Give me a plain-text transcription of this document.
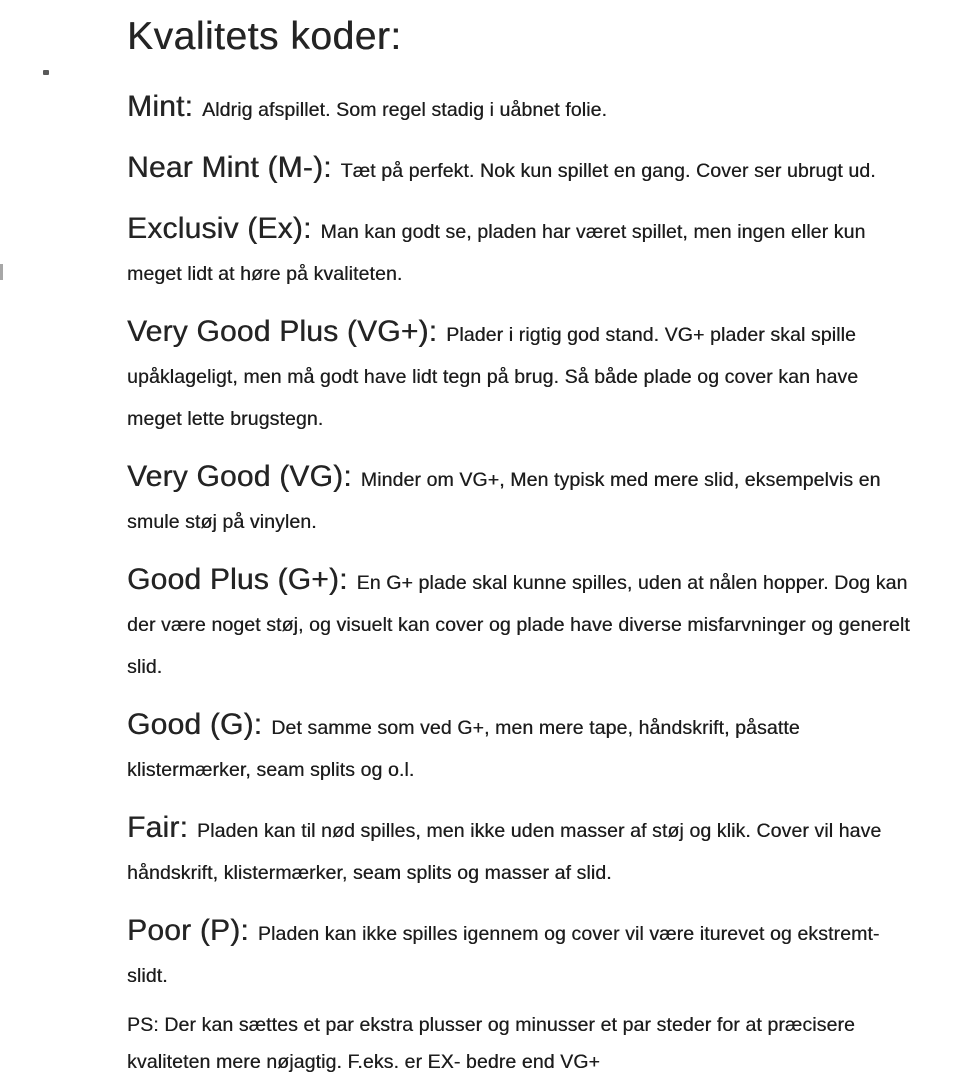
Kvalitets koder:

Mint: Aldrig afspillet. Som regel stadig i uåbnet folie.

Near Mint (M-): Tæt på perfekt. Nok kun spillet en gang. Cover ser ubrugt ud.

Exclusiv (Ex): Man kan godt se, pladen har været spillet, men ingen eller kun meget lidt at høre på kvaliteten.

Very Good Plus (VG+): Plader i rigtig god stand. VG+ plader skal spille upåklageligt, men må godt have lidt tegn på brug. Så både plade og cover kan have meget lette brugstegn.

Very Good (VG): Minder om VG+, Men typisk med mere slid, eksempelvis en smule støj på vinylen.

Good Plus (G+): En G+ plade skal kunne spilles, uden at nålen hopper. Dog kan der være noget støj, og visuelt kan cover og plade have diverse misfarvninger og generelt slid.

Good (G): Det samme som ved G+, men mere tape, håndskrift, påsatte klistermærker, seam splits og o.l.

Fair: Pladen kan til nød spilles, men ikke uden masser af støj og klik. Cover vil have håndskrift, klistermærker, seam splits og masser af slid.

Poor (P): Pladen kan ikke spilles igennem og cover vil være iturevet og ekstremt- slidt.

PS: Der kan sættes et par ekstra plusser og minusser et par steder for at præcisere kvaliteten mere nøjagtig. F.eks. er EX- bedre end VG+
